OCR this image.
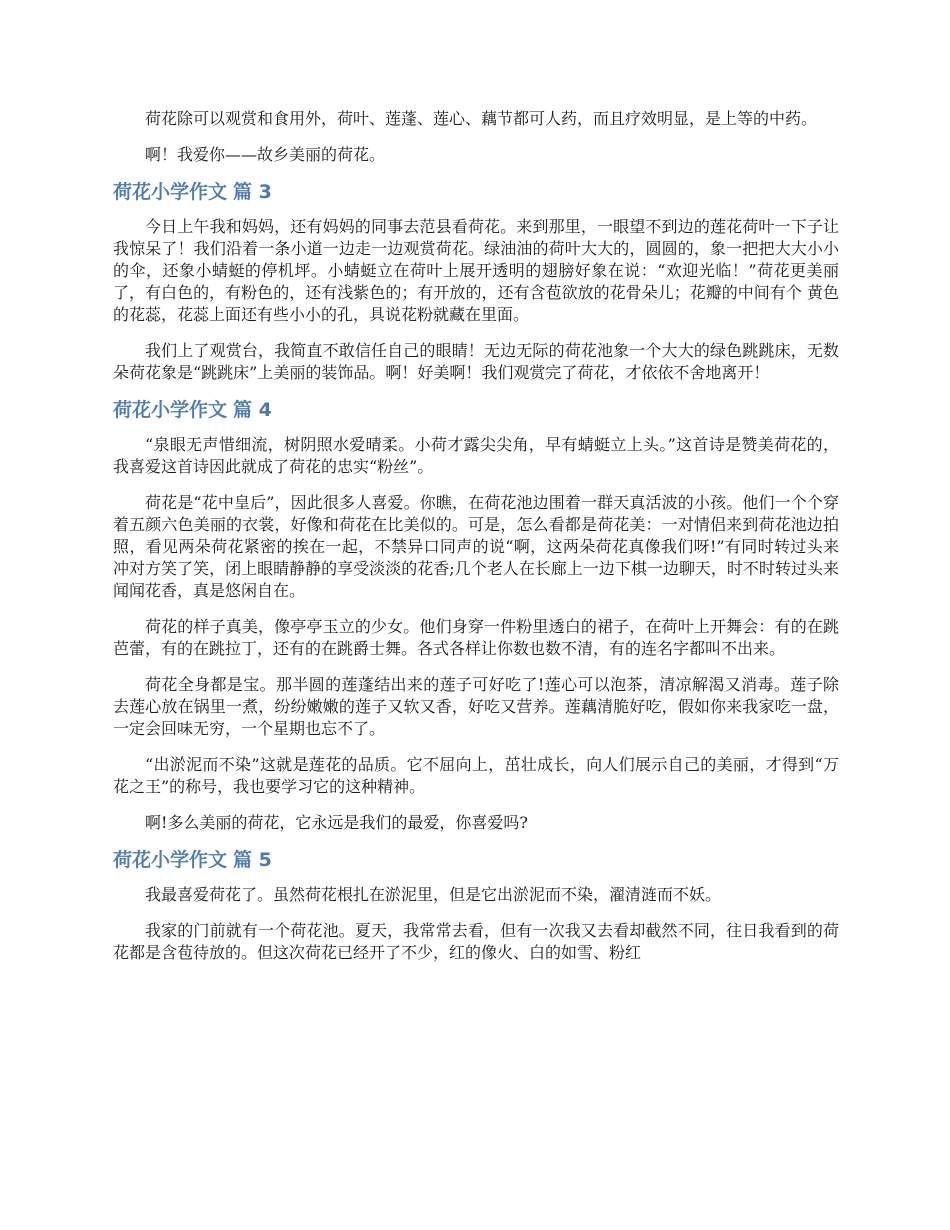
荷花除可以观赏和食用外，荷叶、莲蓬、莲心、藕节都可人药，而且疗效明显，是上等的中药。

啊！我爱你——故乡美丽的荷花。

荷花小学作文 篇 3

今日上午我和妈妈，还有妈妈的同事去范县看荷花。来到那里，一眼望不到边的莲花荷叶一下子让我惊呆了！我们沿着一条小道一边走一边观赏荷花。绿油油的荷叶大大的，圆圆的，象一把把大大小小 的伞，还象小蜻蜓的停机坪。小蜻蜓立在荷叶上展开透明的翅膀好象在说：“欢迎光临！”荷花更美丽了，有白色的，有粉色的，还有浅紫色的；有开放的，还有含苞欲放的花骨朵儿；花瓣的中间有个 黄色的花蕊，花蕊上面还有些小小的孔，具说花粉就藏在里面。

我们上了观赏台，我简直不敢信任自己的眼睛！无边无际的荷花池象一个大大的绿色跳跳床，无数朵荷花象是“跳跳床”上美丽的装饰品。啊！好美啊！我们观赏完了荷花，才依依不舍地离开！

荷花小学作文 篇 4

“泉眼无声惜细流，树阴照水爱晴柔。小荷才露尖尖角，早有蜻蜓立上头。”这首诗是赞美荷花的，我喜爱这首诗因此就成了荷花的忠实“粉丝”。

荷花是“花中皇后”，因此很多人喜爱。你瞧，在荷花池边围着一群天真活波的小孩。他们一个个穿着五颜六色美丽的衣裳，好像和荷花在比美似的。可是，怎么看都是荷花美：一对情侣来到荷花池边拍照，看见两朵荷花紧密的挨在一起，不禁异口同声的说“啊，这两朵荷花真像我们呀!”有同时转过头来冲对方笑了笑，闭上眼睛静静的享受淡淡的花香;几个老人在长廊上一边下棋一边聊天，时不时转过头来闻闻花香，真是悠闲自在。

荷花的样子真美，像亭亭玉立的少女。他们身穿一件粉里透白的裙子，在荷叶上开舞会：有的在跳芭蕾，有的在跳拉丁，还有的在跳爵士舞。各式各样让你数也数不清，有的连名字都叫不出来。

荷花全身都是宝。那半圆的莲蓬结出来的莲子可好吃了!莲心可以泡茶，清凉解渴又消毒。莲子除去莲心放在锅里一煮，纷纷嫩嫩的莲子又软又香，好吃又营养。莲藕清脆好吃，假如你来我家吃一盘，一定会回味无穷，一个星期也忘不了。

“出淤泥而不染”这就是莲花的品质。它不屈向上，茁壮成长，向人们展示自己的美丽，才得到“万花之王”的称号，我也要学习它的这种精神。

啊!多么美丽的荷花，它永远是我们的最爱，你喜爱吗?

荷花小学作文 篇 5

我最喜爱荷花了。虽然荷花根扎在淤泥里，但是它出淤泥而不染，濯清涟而不妖。

我家的门前就有一个荷花池。夏天，我常常去看，但有一次我又去看却截然不同，往日我看到的荷花都是含苞待放的。但这次荷花已经开了不少，红的像火、白的如雪、粉红
